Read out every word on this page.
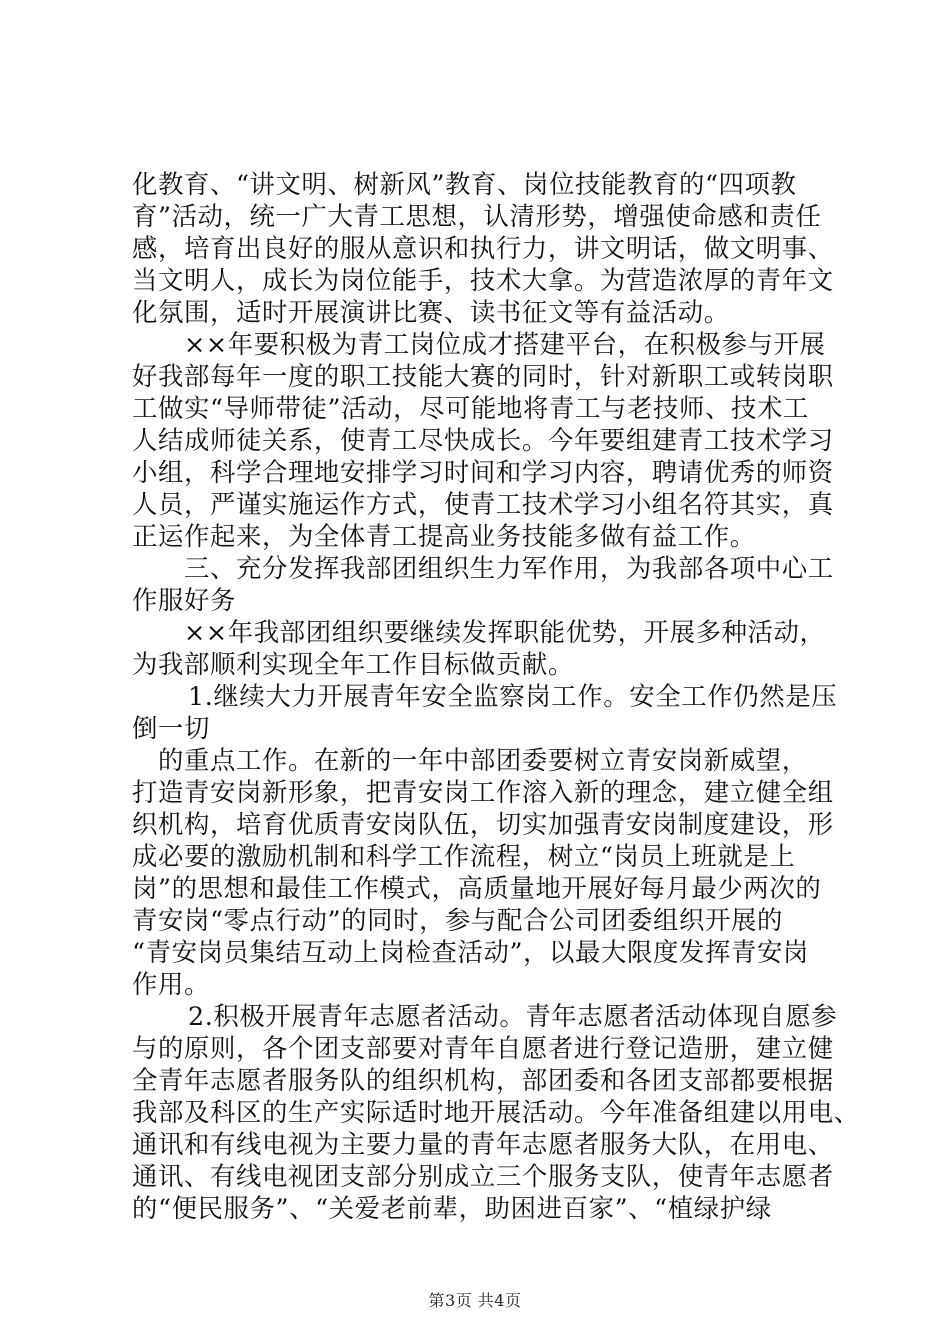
化教育、“讲文明、树新风”教育、岗位技能教育的“四项教
育”活动，统一广大青工思想，认清形势，增强使命感和责任
感，培育出良好的服从意识和执行力，讲文明话，做文明事、
当文明人，成长为岗位能手，技术大拿。为营造浓厚的青年文
化氛围，适时开展演讲比赛、读书征文等有益活动。
××年要积极为青工岗位成才搭建平台，在积极参与开展
好我部每年一度的职工技能大赛的同时，针对新职工或转岗职
工做实“导师带徒”活动，尽可能地将青工与老技师、技术工
人结成师徒关系，使青工尽快成长。今年要组建青工技术学习
小组，科学合理地安排学习时间和学习内容，聘请优秀的师资
人员，严谨实施运作方式，使青工技术学习小组名符其实，真
正运作起来，为全体青工提高业务技能多做有益工作。
三、充分发挥我部团组织生力军作用，为我部各项中心工
作服好务
××年我部团组织要继续发挥职能优势，开展多种活动，
为我部顺利实现全年工作目标做贡献。
1.继续大力开展青年安全监察岗工作。安全工作仍然是压
倒一切
的重点工作。在新的一年中部团委要树立青安岗新威望，
打造青安岗新形象，把青安岗工作溶入新的理念，建立健全组
织机构，培育优质青安岗队伍，切实加强青安岗制度建设，形
成必要的激励机制和科学工作流程，树立“岗员上班就是上
岗”的思想和最佳工作模式，高质量地开展好每月最少两次的
青安岗“零点行动”的同时，参与配合公司团委组织开展的
“青安岗员集结互动上岗检查活动”，以最大限度发挥青安岗
作用。
2.积极开展青年志愿者活动。青年志愿者活动体现自愿参
与的原则，各个团支部要对青年自愿者进行登记造册，建立健
全青年志愿者服务队的组织机构，部团委和各团支部都要根据
我部及科区的生产实际适时地开展活动。今年准备组建以用电、
通讯和有线电视为主要力量的青年志愿者服务大队，在用电、
通讯、有线电视团支部分别成立三个服务支队，使青年志愿者
的“便民服务”、“关爱老前辈，助困进百家”、“植绿护绿
第3页 共4页
